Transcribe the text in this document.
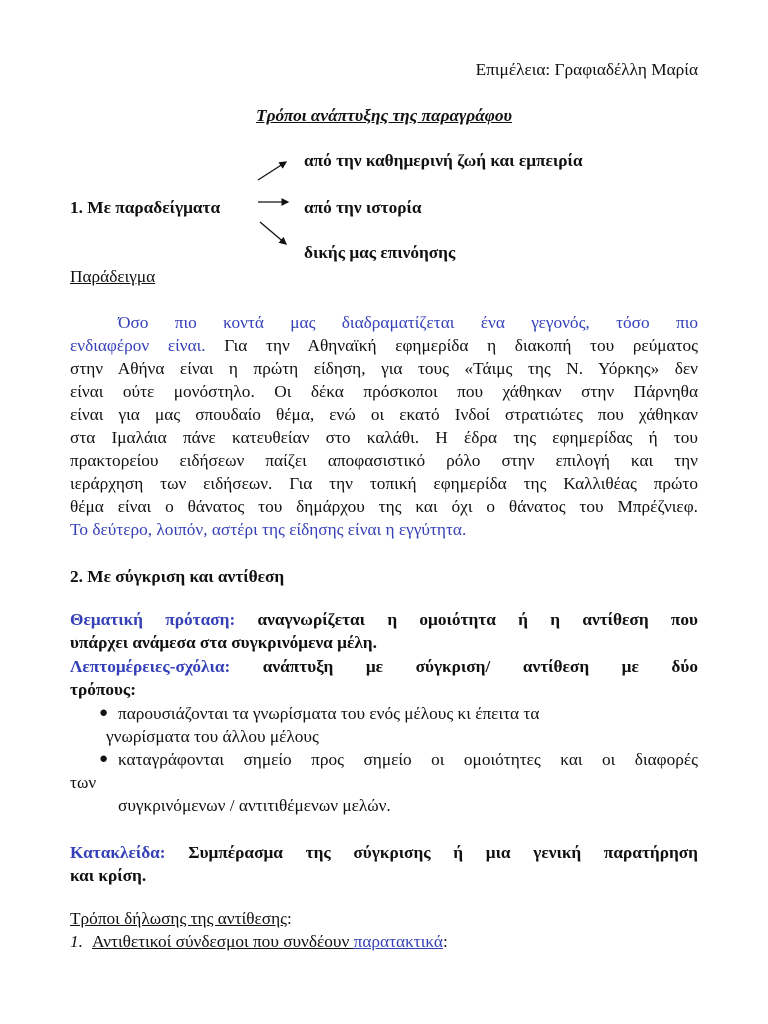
Επιμέλεια: Γραφιαδέλλη Μαρία
Τρόποι ανάπτυξης της παραγράφου
1. Με παραδείγματα
από την καθημερινή ζωή και εμπειρία
από την ιστορία
δικής μας επινόησης
Παράδειγμα
Όσο πιο κοντά μας διαδραματίζεται ένα γεγονός, τόσο πιο
ενδιαφέρον είναι. Για την Αθηναϊκή εφημερίδα η διακοπή του ρεύματος
στην Αθήνα είναι η πρώτη είδηση, για τους «Τάιμς της Ν. Υόρκης» δεν
είναι ούτε μονόστηλο. Οι δέκα πρόσκοποι που χάθηκαν στην Πάρνηθα
είναι για μας σπουδαίο θέμα, ενώ οι εκατό Ινδοί στρατιώτες που χάθηκαν
στα Ιμαλάια πάνε κατευθείαν στο καλάθι. Η έδρα της εφημερίδας ή του
πρακτορείου ειδήσεων παίζει αποφασιστικό ρόλο στην επιλογή και την
ιεράρχηση των ειδήσεων. Για την τοπική εφημερίδα της Καλλιθέας πρώτο
θέμα είναι ο θάνατος του δημάρχου της και όχι ο θάνατος του Μπρέζνιεφ.
Το δεύτερο, λοιπόν, αστέρι της είδησης είναι η εγγύτητα.
2. Με σύγκριση και αντίθεση
Θεματική πρόταση: αναγνωρίζεται η ομοιότητα ή η αντίθεση που
υπάρχει ανάμεσα στα συγκρινόμενα μέλη.
Λεπτομέρειες-σχόλια: ανάπτυξη με σύγκριση/ αντίθεση με δύο
τρόπους:
● παρουσιάζονται τα γνωρίσματα του ενός μέλους κι έπειτα τα
γνωρίσματα του άλλου μέλους
● καταγράφονται σημείο προς σημείο οι ομοιότητες και οι διαφορές
των
συγκρινόμενων / αντιτιθέμενων μελών.
Κατακλείδα: Συμπέρασμα της σύγκρισης ή μια γενική παρατήρηση
και κρίση.
Τρόποι δήλωσης της αντίθεσης:
1. Αντιθετικοί σύνδεσμοι που συνδέουν παρατακτικά:
